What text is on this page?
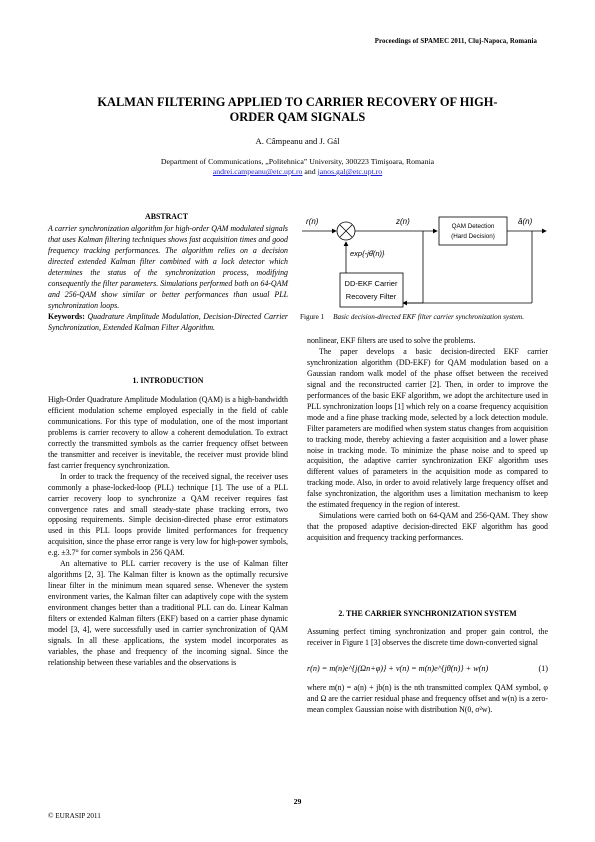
Proceedings of SPAMEC 2011, Cluj-Napoca, Romania
KALMAN FILTERING APPLIED TO CARRIER RECOVERY OF HIGH-
ORDER QAM SIGNALS
A. Câmpeanu and J. Gál
Department of Communications, „Politehnica” University, 300223 Timişoara, Romania
andrei.campeanu@etc.upt.ro and janos.gal@etc.upt.ro
ABSTRACT

A carrier synchronization algorithm for high-order QAM modulated signals that uses Kalman filtering techniques shows fast acquisition times and good frequency tracking performances. The algorithm relies on a decision directed extended Kalman filter combined with a lock detector which determines the status of the synchronization process, modifying consequently the filter parameters. Simulations performed both on 64-QAM and 256-QAM show similar or better performances than usual PLL synchronization loops.

Keywords: Quadrature Amplitude Modulation, Decision-Directed Carrier Synchronization, Extended Kalman Filter Algorithm.

1. INTRODUCTION

High-Order Quadrature Amplitude Modulation (QAM) is a high-bandwidth efficient modulation scheme employed especially in the field of cable communications. For this type of modulation, one of the most important problems is carrier recovery to allow a coherent demodulation. To extract correctly the transmitted symbols as the carrier frequency offset between the transmitter and receiver is inevitable, the receiver must provide blind fast carrier frequency synchronization.

In order to track the frequency of the received signal, the receiver uses commonly a phase-locked-loop (PLL) technique [1]. The use of a PLL carrier recovery loop to synchronize a QAM receiver requires fast convergence rates and small steady-state phase tracking errors, two opposing requirements. Simple decision-directed phase error estimators used in this PLL loops provide limited performances for frequency acquisition, since the phase error range is very low for high-power symbols, e.g. ±3.7° for corner symbols in 256 QAM.

An alternative to PLL carrier recovery is the use of Kalman filter algorithms [2, 3]. The Kalman filter is known as the optimally recursive linear filter in the minimum mean squared sense. Whenever the system environment varies, the Kalman filter can adaptively cope with the system environment changes better than a traditional PLL can do. Linear Kalman filters or extended Kalman filters (EKF) based on a carrier phase dynamic model [3, 4], were successfully used in carrier synchronization of QAM signals. In all these applications, the system model incorporates as variables, the phase and frequency of the incoming signal. Since the relationship between these variables and the observations is

r(n)	z(n)
QAM Detection
(Hard Decision)
â(n)
DD-EKF Carrier
Recovery Filter
exp{-jθ̂(n)}
Figure 1 Basic decision-directed EKF filter carrier synchronization system.

nonlinear, EKF filters are used to solve the problems.

The paper develops a basic decision-directed EKF carrier synchronization algorithm (DD-EKF) for QAM modulation based on a Gaussian random walk model of the phase offset between the received signal and the reconstructed carrier [2]. Then, in order to improve the performances of the basic EKF algorithm, we adopt the architecture used in PLL synchronization loops [1] which rely on a coarse frequency acquisition mode and a fine phase tracking mode, selected by a lock detection module. Filter parameters are modified when system status changes from acquisition to tracking mode, thereby achieving a faster acquisition and a lower phase noise in tracking mode. To minimize the phase noise and to speed up acquisition, the adaptive carrier synchronization EKF algorithm uses different values of parameters in the acquisition mode as compared to tracking mode. Also, in order to avoid relatively large frequency offset and false synchronization, the algorithm uses a limitation mechanism to keep the estimated frequency in the region of interest.

Simulations were carried both on 64-QAM and 256-QAM. They show that the proposed adaptive decision-directed EKF algorithm has good acquisition and frequency tracking performances.

2. THE CARRIER SYNCHRONIZATION SYSTEM

Assuming perfect timing synchronization and proper gain control, the receiver in Figure 1 [3] observes the discrete time down-converted signal

r(n) = m(n)e^{j(Ωn+φ)} + v(n) = m(n)e^{jθ(n)} + w(n)	(1)

where m(n) = a(n) + jb(n) is the nth transmitted complex QAM symbol, φ and Ω are the carrier residual phase and frequency offset and w(n) is a zero-mean complex Gaussian noise with distribution N(0, σ²w).

29
© EURASIP 2011
